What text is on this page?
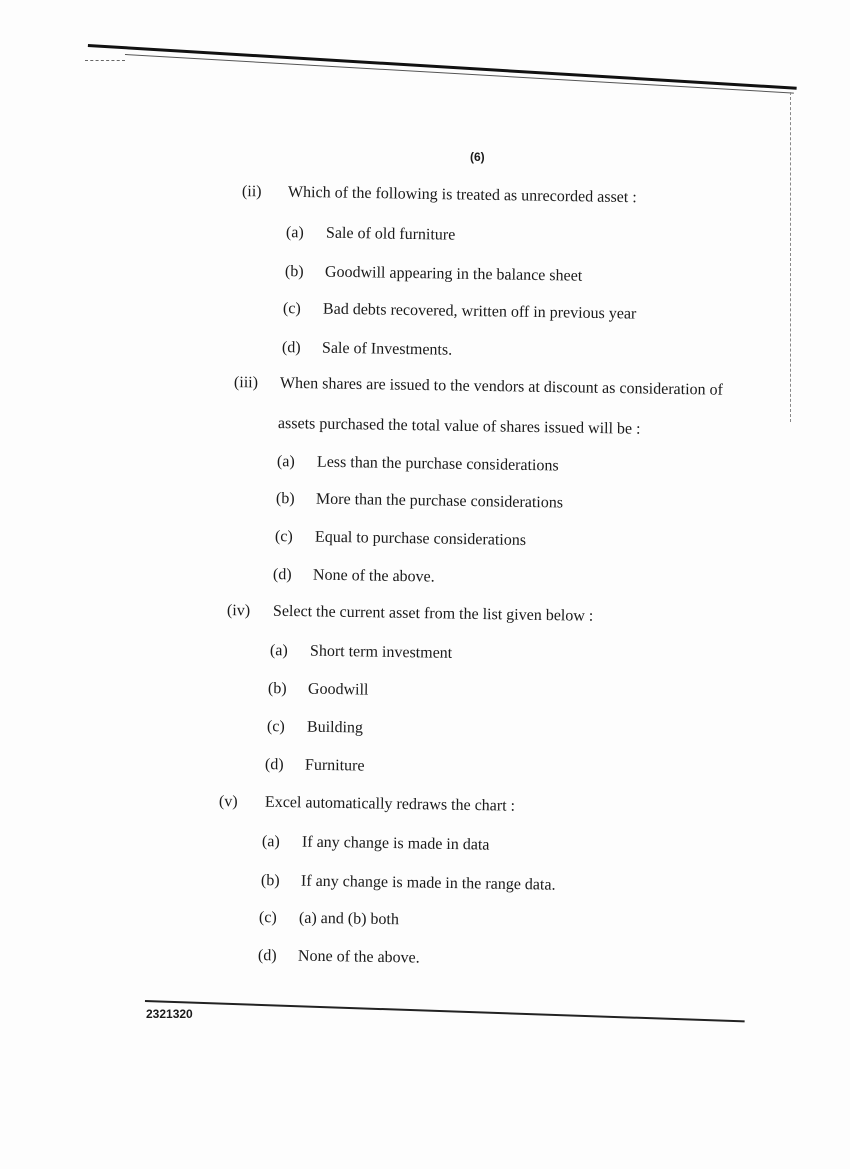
(6)
(ii) Which of the following is treated as unrecorded asset :
(a) Sale of old furniture
(b) Goodwill appearing in the balance sheet
(c) Bad debts recovered, written off in previous year
(d) Sale of Investments.
(iii) When shares are issued to the vendors at discount as consideration of
assets purchased the total value of shares issued will be :
(a) Less than the purchase considerations
(b) More than the purchase considerations
(c) Equal to purchase considerations
(d) None of the above.
(iv) Select the current asset from the list given below :
(a) Short term investment
(b) Goodwill
(c) Building
(d) Furniture
(v) Excel automatically redraws the chart :
(a) If any change is made in data
(b) If any change is made in the range data.
(c) (a) and (b) both
(d) None of the above.
2321320
